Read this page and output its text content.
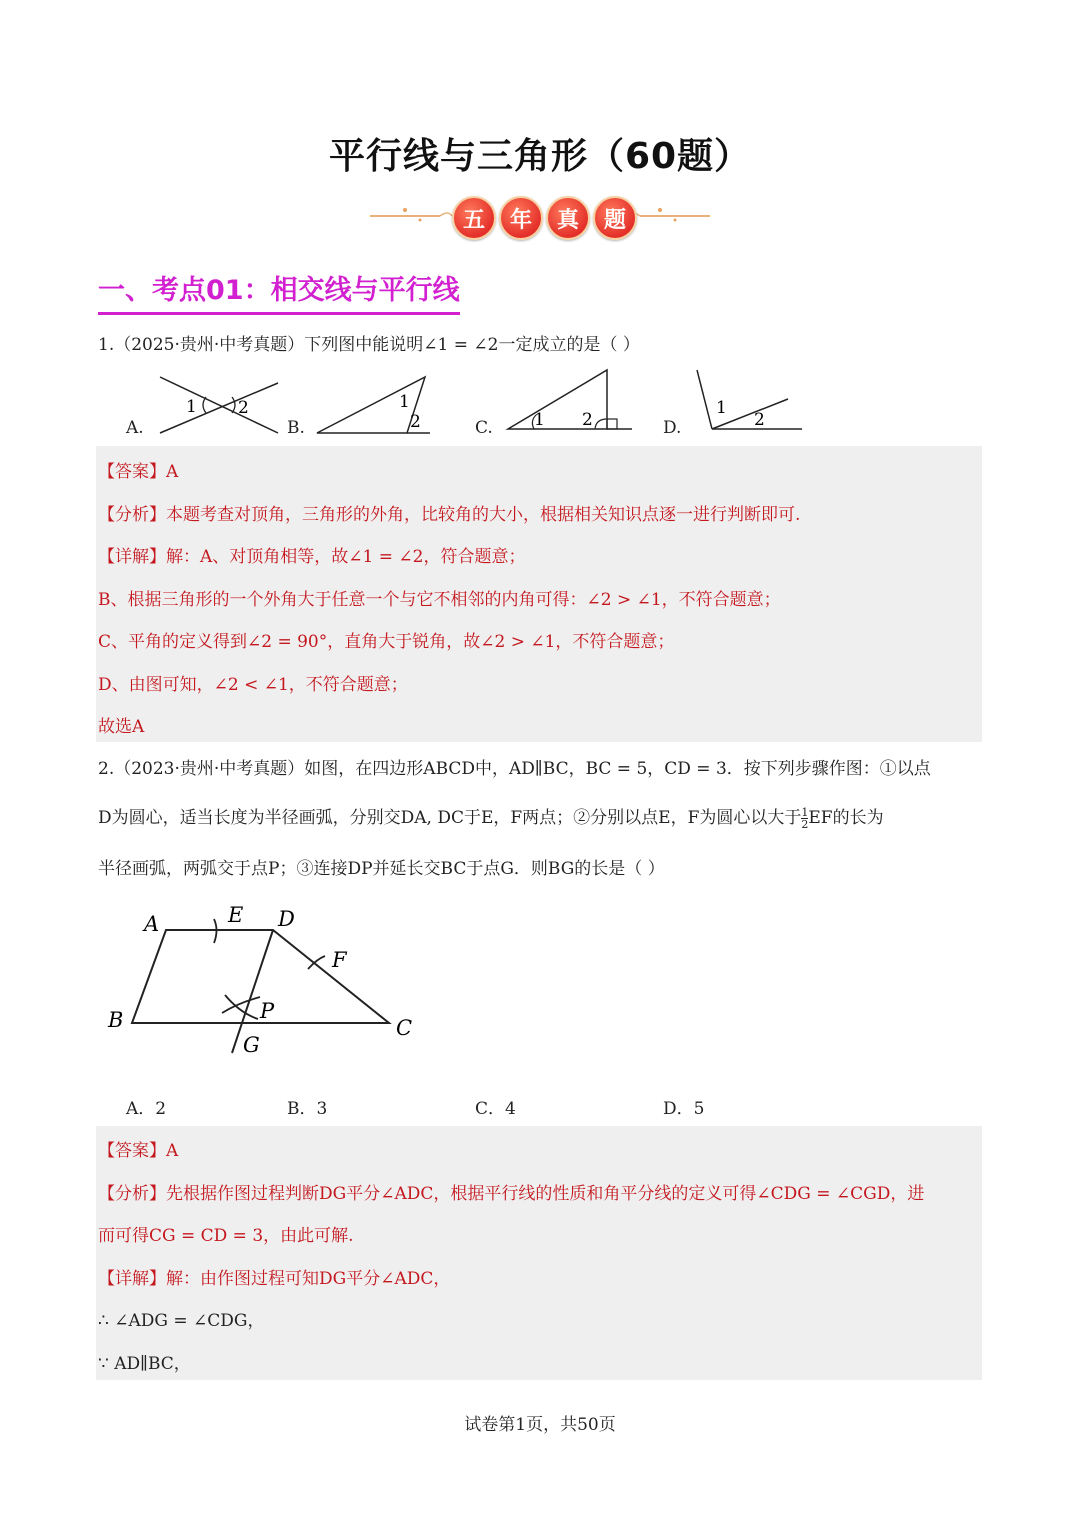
平行线与三角形（60题）
五	年	真	题
一、考点01：相交线与平行线
1.（2025·贵州·中考真题）下列图中能说明∠1 = ∠2一定成立的是（ ）
1 2	1
2	1 2
1
2
A.	B.	C.	D.
【答案】A
【分析】本题考查对顶角，三角形的外角，比较角的大小，根据相关知识点逐一进行判断即可.
【详解】解：A、对顶角相等，故∠1 = ∠2，符合题意；
B、根据三角形的一个外角大于任意一个与它不相邻的内角可得：∠2 > ∠1，不符合题意；
C、平角的定义得到∠2 = 90°，直角大于锐角，故∠2 > ∠1，不符合题意；
D、由图可知，∠2 < ∠1，不符合题意；
故选A
2.（2023·贵州·中考真题）如图，在四边形ABCD中，AD∥BC，BC = 5，CD = 3．按下列步骤作图：①以点
D为圆心，适当长度为半径画弧，分别交DA, DC于E，F两点；②分别以点E，F为圆心以大于 $\frac{1}{2}$ EF的长为
半径画弧，两弧交于点P；③连接DP并延长交BC于点G．则BG的长是（ ）
A	E D
F
B	P
C
G
A．2	B．3	C．4	D．5
【答案】A
【分析】先根据作图过程判断DG平分∠ADC，根据平行线的性质和角平分线的定义可得∠CDG = ∠CGD，进
而可得CG = CD = 3，由此可解.
【详解】解：由作图过程可知DG平分∠ADC，
∴ ∠ADG = ∠CDG，
∵ AD∥BC，
试卷第1页，共50页
